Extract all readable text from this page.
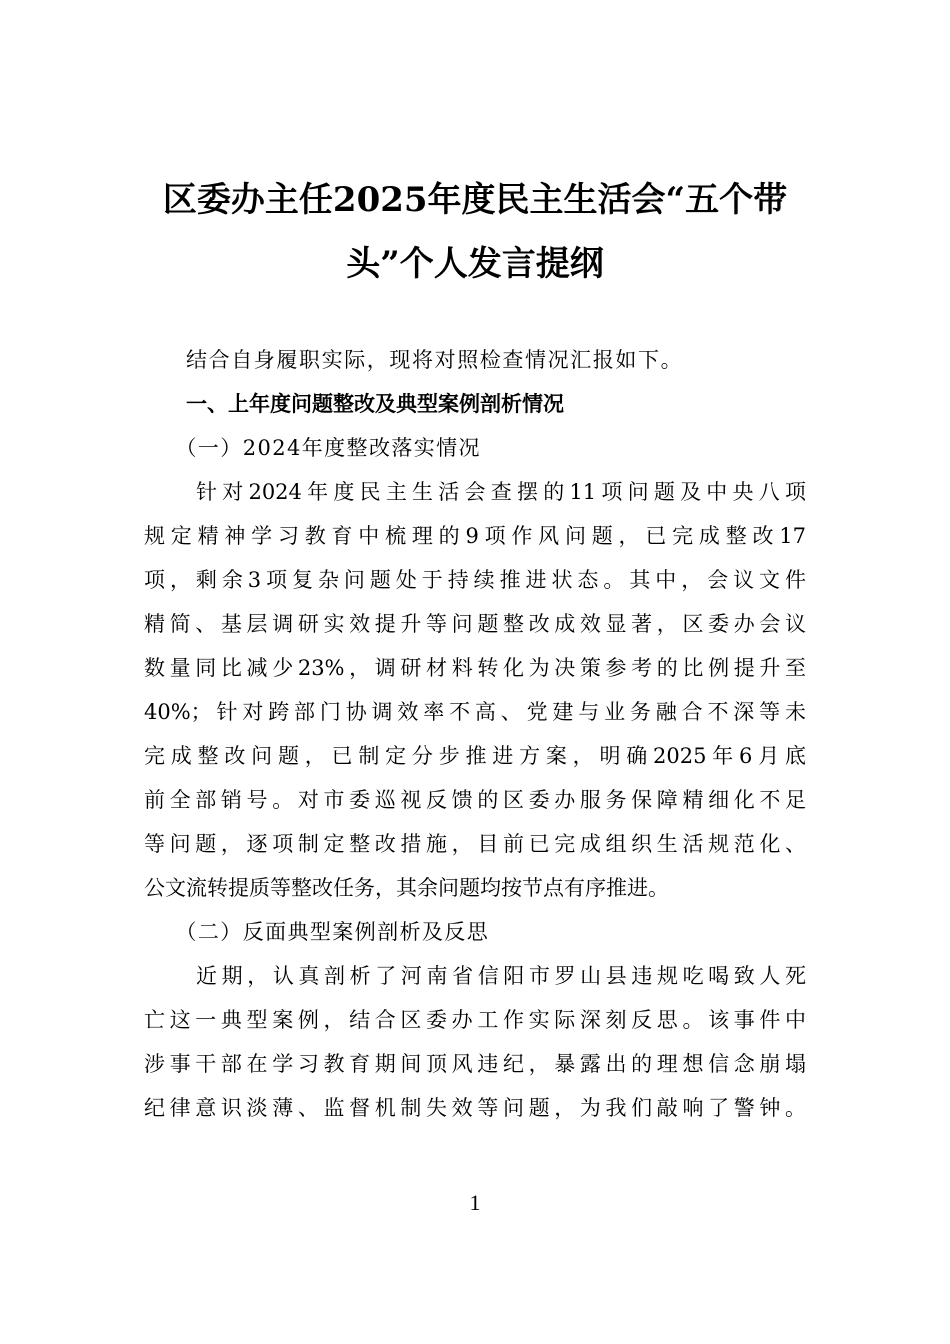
区委办主任2025年度民主生活会“五个带
头”个人发言提纲

结合自身履职实际，现将对照检查情况汇报如下。

一、上年度问题整改及典型案例剖析情况

（一）2024年度整改落实情况

针对2024年度民主生活会查摆的11项问题及中央八项
规定精神学习教育中梳理的9项作风问题，已完成整改17
项，剩余3项复杂问题处于持续推进状态。其中，会议文件
精简、基层调研实效提升等问题整改成效显著，区委办会议
数量同比减少23%，调研材料转化为决策参考的比例提升至
40%；针对跨部门协调效率不高、党建与业务融合不深等未
完成整改问题，已制定分步推进方案，明确2025年6月底
前全部销号。对市委巡视反馈的区委办服务保障精细化不足
等问题，逐项制定整改措施，目前已完成组织生活规范化、
公文流转提质等整改任务，其余问题均按节点有序推进。

（二）反面典型案例剖析及反思

近期，认真剖析了河南省信阳市罗山县违规吃喝致人死
亡这一典型案例，结合区委办工作实际深刻反思。该事件中
涉事干部在学习教育期间顶风违纪，暴露出的理想信念崩塌
纪律意识淡薄、监督机制失效等问题，为我们敲响了警钟。
1
